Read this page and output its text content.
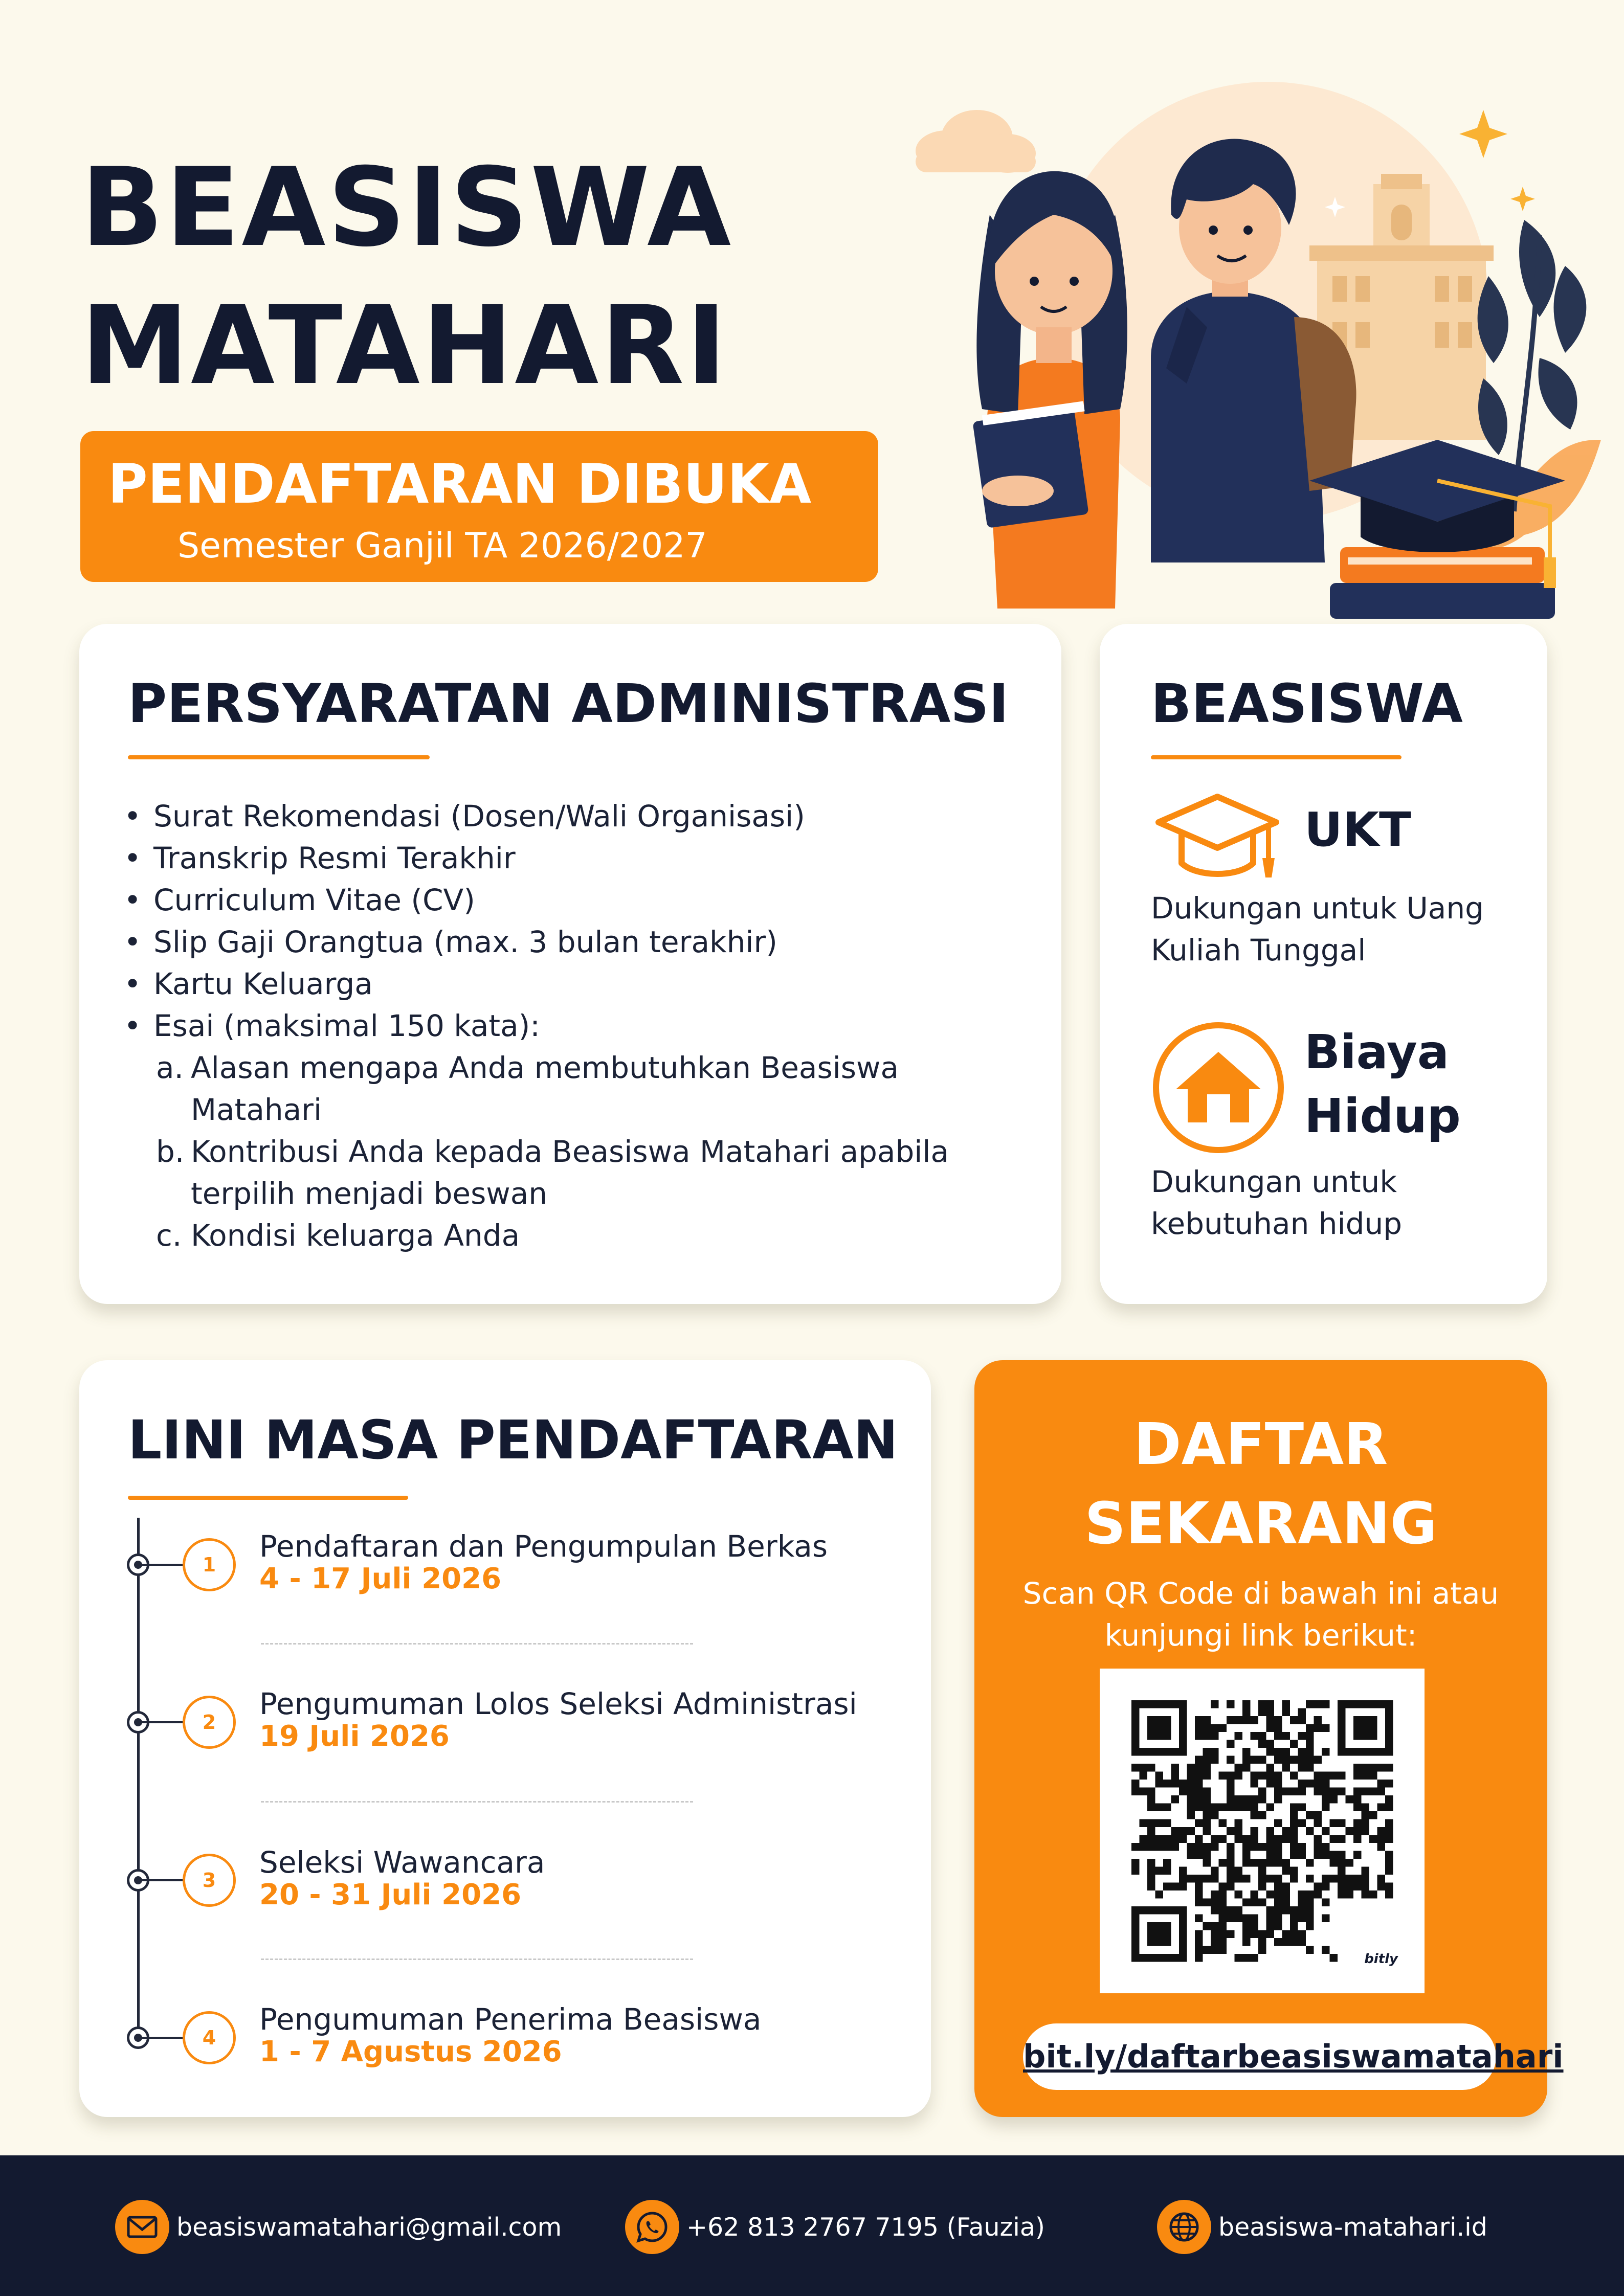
BEASISWA
MATAHARI
PENDAFTARAN DIBUKA
Semester Ganjil TA 2026/2027
PERSYARATAN ADMINISTRASI
• Surat Rekomendasi (Dosen/Wali Organisasi)
• Transkrip Resmi Terakhir
• Curriculum Vitae (CV)
• Slip Gaji Orangtua (max. 3 bulan terakhir)
• Kartu Keluarga
• Esai (maksimal 150 kata):
a. Alasan mengapa Anda membutuhkan Beasiswa
Matahari
b. Kontribusi Anda kepada Beasiswa Matahari apabila
terpilih menjadi beswan
c. Kondisi keluarga Anda
BEASISWA
UKT
Dukungan untuk Uang
Kuliah Tunggal
Biaya
Hidup
Dukungan untuk
kebutuhan hidup
LINI MASA PENDAFTARAN
1
Pendaftaran dan Pengumpulan Berkas
4 - 17 Juli 2026
2
Pengumuman Lolos Seleksi Administrasi
19 Juli 2026
3
Seleksi Wawancara
20 - 31 Juli 2026
4
Pengumuman Penerima Beasiswa
1 - 7 Agustus 2026
DAFTAR
SEKARANG
Scan QR Code di bawah ini atau
kunjungi link berikut:
bitly
bit.ly/daftarbeasiswamatahari
beasiswamatahari@gmail.com	+62 813 2767 7195 (Fauzia)	beasiswa-matahari.id
